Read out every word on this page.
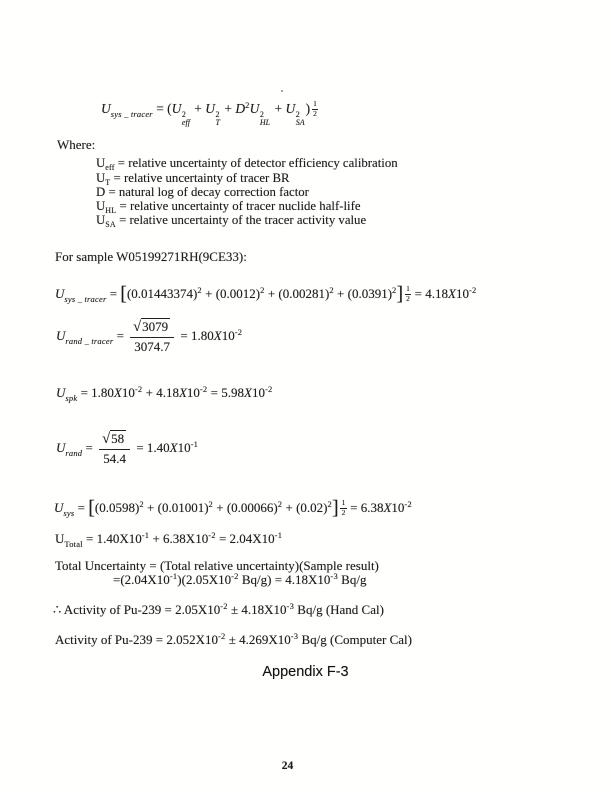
$U_{sys \_ tracer} = (U$ 2
eff
+ U 2
T
+ $D^2U$ 2
HL
+ U 2
SA
) $\frac{1}{2}$
Where:
$U_{eff}$ = relative uncertainty of detector efficiency calibration
$U_T$ = relative uncertainty of tracer BR
D = natural log of decay correction factor
$U_{HL}$ = relative uncertainty of tracer nuclide half-life
$U_{SA}$ = relative uncertainty of the tracer activity value
For sample W05199271RH(9CE33):
$U_{sys \_ tracer} = [(0.01443374)^2 + (0.0012)^2 + (0.00281)^2 + (0.0391)^2] \frac{1}{2} = 4.18X10^{-2}$
$U_{rand \_ tracer} = \frac{√3079}{3074.7} = 1.80X10^{-2}$
$U_{spk} = 1.80X10^{-2} + 4.18X10^{-2} = 5.98X10^{-2}$
$U_{rand} = \frac{√58}{54.4} = 1.40X10^{-1}$
$U_{sys} = [(0.0598)^2 + (0.01001)^2 + (0.00066)^2 + (0.02)^2] \frac{1}{2} = 6.38X10^{-2}$
$U_{Total} = 1.40X10^{-1} + 6.38X10^{-2} = 2.04X10^{-1}$
Total Uncertainty = (Total relative uncertainty)(Sample result)
$=(2.04X10^{-1})(2.05X10^{-2}$ $Bq/g) = 4.18X10^{-3}$ Bq/g
∴ Activity of $Pu-239 = 2.05X10^{-2} \pm 4.18X10^{-3}$ Bq/g (Hand Cal)
Activity of $Pu-239 = 2.052X10^{-2} \pm 4.269X10^{-3}$ Bq/g (Computer Cal)
Appendix F-3
24
